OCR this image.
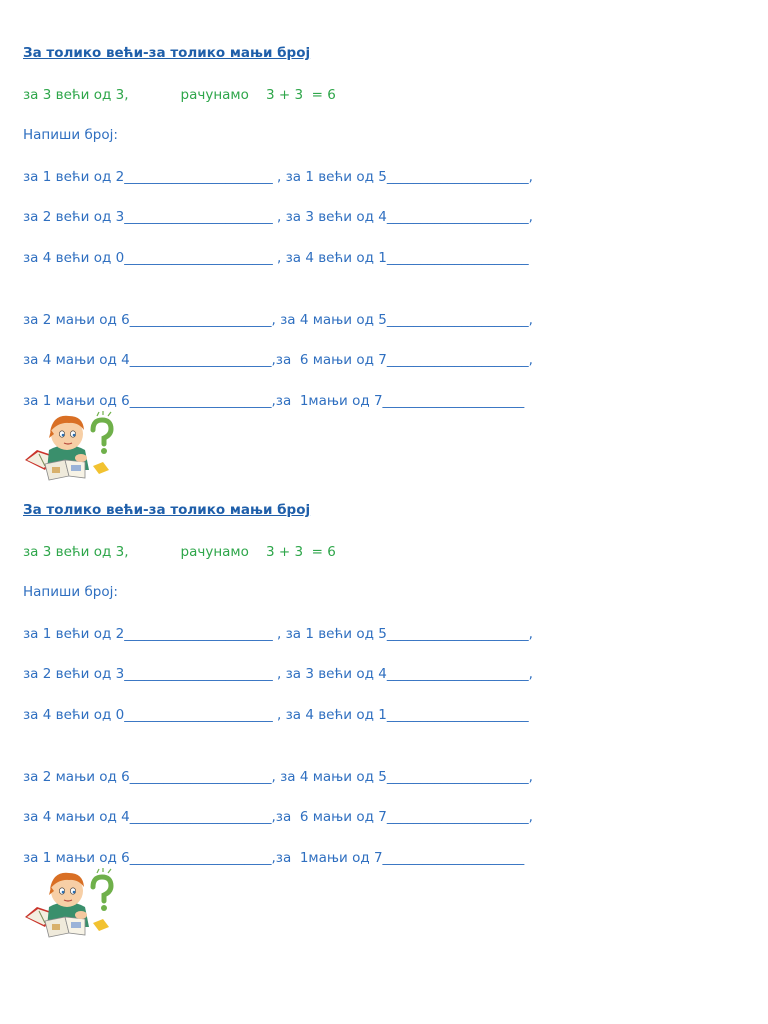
За толико већи-за толико мањи број
за 3 већи од 3,	рачунамо    3 + 3  = 6
Напиши број:
за 1 већи од 2______________________ , за 1 већи од 5_____________________,
за 2 већи од 3______________________ , за 3 већи од 4_____________________,
за 4 већи од 0______________________ , за 4 већи од 1_____________________
за 2 мањи од 6_____________________, за 4 мањи од 5_____________________,
за 4 мањи од 4_____________________,за  6 мањи од 7_____________________,
за 1 мањи од 6_____________________,за  1мањи од 7_____________________
За толико већи-за толико мањи број
за 3 већи од 3,	рачунамо    3 + 3  = 6
Напиши број:
за 1 већи од 2______________________ , за 1 већи од 5_____________________,
за 2 већи од 3______________________ , за 3 већи од 4_____________________,
за 4 већи од 0______________________ , за 4 већи од 1_____________________
за 2 мањи од 6_____________________, за 4 мањи од 5_____________________,
за 4 мањи од 4_____________________,за  6 мањи од 7_____________________,
за 1 мањи од 6_____________________,за  1мањи од 7_____________________
